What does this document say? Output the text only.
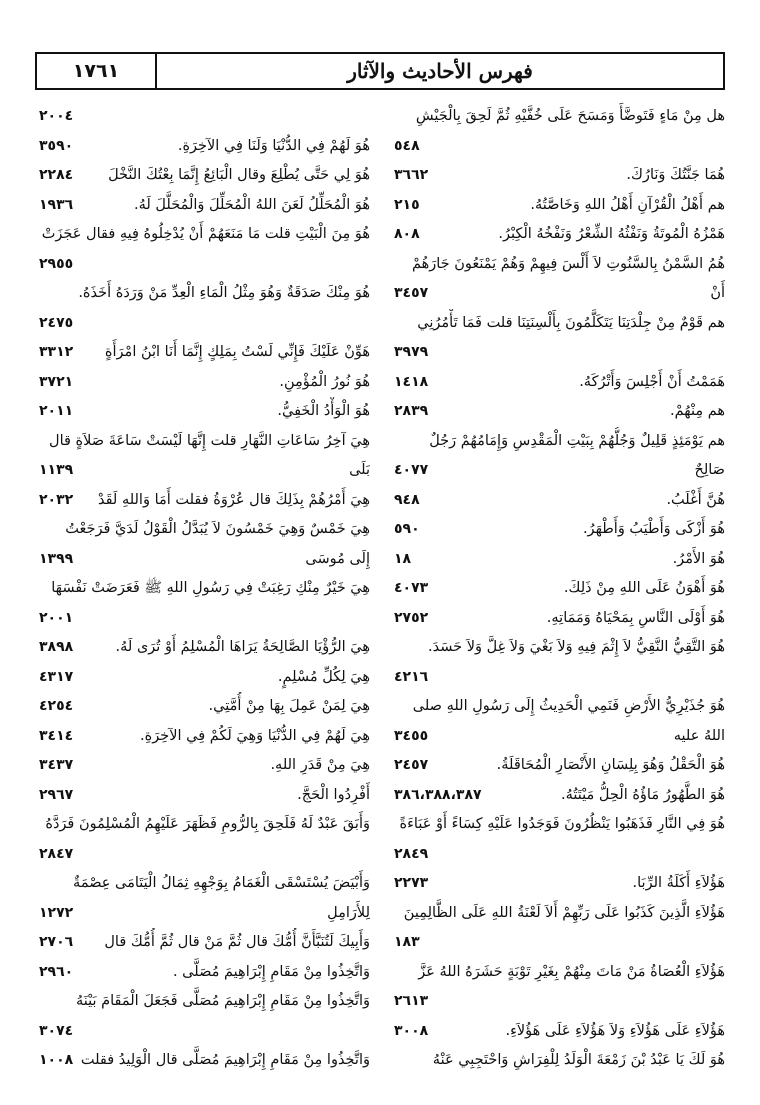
فهرس الأحاديث والآثار
١٧٦١
هل مِنْ مَاءٍ فَتَوضَّأَ وَمَسَحَ عَلَى خُفَّيْهِ ثُمَّ لَحِقَ بِالْجَيْشِ
٥٤٨
هُمَا جَنَّتُكَ وَنَارُكَ.
٣٦٦٢
هم أَهْلُ الْقُرْآنِ أَهْلُ اللهِ وَخَاصَّتُهُ.
٢١٥
هَمْزُهُ الْمُوتَةُ وَنَفْثُهُ الشِّعْرُ وَنَفْخُهُ الْكِبْرُ.
٨٠٨
هُمُ السَّمْنُ بِالسَّنُوتِ لاَ أَلْسَ فِيهِمْ وَهُمْ يَمْنَعُونَ جَارَهُمْ
أَنْ
٣٤٥٧
هم قَوْمٌ مِنْ جِلْدَتِنَا يَتَكَلَّمُونَ بِأَلْسِنَتِنَا قلت فَمَا تَأْمُرُنِي
٣٩٧٩
هَمَمْتُ أَنْ أَجْلِسَ وَأَتْرُكَهُ.
١٤١٨
هم مِنْهُمْ.
٢٨٣٩
هم يَوْمَئِذٍ قَلِيلٌ وَجُلُّهُمْ بِبَيْتِ الْمَقْدِسِ وَإِمَامُهُمْ رَجُلٌ
صَالِحٌ
٤٠٧٧
هُنَّ أَغْلَبُ.
٩٤٨
هُوَ أَزْكَى وَأَطْيَبُ وَأَطْهَرُ.
٥٩٠
هُوَ الأَمْرُ.
١٨
هُوَ أَهْوَنُ عَلَى اللهِ مِنْ ذَلِكَ.
٤٠٧٣
هُوَ أَوْلَى النَّاسِ بِمَحْيَاهُ وَمَمَاتِهِ.
٢٧٥٢
هُوَ التَّقِيُّ النَّقِيُّ لاَ إِثْمَ فِيهِ وَلاَ بَغْيَ وَلاَ غِلَّ وَلاَ حَسَدَ.
٤٢١٦
هُوَ جُذَيْرِيُّ الأَرْضِ فَنَمِي الْحَدِيثُ إِلَى رَسُولِ اللهِ صلى
اللهُ عليه
٣٤٥٥
هُوَ الْحَقْلُ وَهُوَ بِلِسَانِ الأَنْصَارِ الْمُحَاقَلَةُ.
٢٤٥٧
هُوَ الطَّهُورُ مَاؤُهُ الْحِلُّ مَيْتَتُهُ.
٣٨٦،٣٨٨،٣٨٧
هُوَ فِي النَّارِ فَذَهَبُوا يَنْظُرُونَ فَوَجَدُوا عَلَيْهِ كِسَاءً أَوْ عَبَاءَةً
٢٨٤٩
هَؤُلاَءِ أَكَلَةُ الرِّبَا.
٢٢٧٣
هَؤُلاَءِ الَّذِينَ كَذَبُوا عَلَى رَبِّهِمْ أَلاَ لَعْنَةُ اللهِ عَلَى الظَّالِمِينَ
١٨٣
هَؤُلاَءِ الْعُصَاةُ مَنْ مَاتَ مِنْهُمْ بِغَيْرِ تَوْبَةٍ حَشَرَهُ اللهُ عَزَّ
٢٦١٣
هَؤُلاَءِ عَلَى هَؤُلاَءِ وَلاَ هَؤُلاَءِ عَلَى هَؤُلاَءِ.
٣٠٠٨
هُوَ لَكَ يَا عَبْدُ بْنَ زَمْعَةَ الْوَلَدُ لِلْفِرَاشِ وَاحْتَجِبِي عَنْهُ
٢٠٠٤
هُوَ لَهُمْ فِي الدُّنْيَا وَلَنَا فِي الآخِرَةِ.
٣٥٩٠
هُوَ لِي حَتَّى يُطْلِعَ وقال الْبَائِعُ إِنَّمَا بِعْتُكَ النَّخْلَ
٢٢٨٤
هُوَ الْمُحَلِّلُ لَعَنَ اللهُ الْمُحَلِّلَ وَالْمُحَلَّلَ لَهُ.
١٩٣٦
هُوَ مِنَ الْبَيْتِ قلت مَا مَنَعَهُمْ أَنْ يُدْخِلُوهُ فِيهِ فقال عَجَزَتْ
٢٩٥٥
هُوَ مِنْكَ صَدَقَةٌ وَهُوَ مِثْلُ الْمَاءِ الْعِدِّ مَنْ وَرَدَهُ أَخَذَهُ.
٢٤٧٥
هَوِّنْ عَلَيْكَ فَإِنِّي لَسْتُ بِمَلِكٍ إِنَّمَا أَنَا ابْنُ امْرَأَةٍ
٣٣١٢
هُوَ نُورُ الْمُؤْمِنِ.
٣٧٢١
هُوَ الْوَأْدُ الْخَفِيُّ.
٢٠١١
هِيَ آخِرُ سَاعَاتِ النَّهَارِ قلت إِنَّهَا لَيْسَتْ سَاعَةَ صَلاَةٍ قال
بَلَى
١١٣٩
هِيَ أَمْرُهُمْ بِذَلِكَ قال عُرْوَةُ فقلت أَمَا وَاللهِ لَقَدْ
٢٠٣٢
هِيَ خَمْسٌ وَهِيَ خَمْسُونَ لاَ يُبَدَّلُ الْقَوْلُ لَدَيَّ فَرَجَعْتُ
إِلَى مُوسَى
١٣٩٩
هِيَ خَيْرٌ مِنْكِ رَغِبَتْ فِي رَسُولِ اللهِ ﷺ فَعَرَضَتْ نَفْسَهَا
٢٠٠١
هِيَ الرُّؤْيَا الصَّالِحَةُ يَرَاهَا الْمُسْلِمُ أَوْ تُرَى لَهُ.
٣٨٩٨
هِيَ لِكُلِّ مُسْلِمٍ.
٤٣١٧
هِيَ لِمَنْ عَمِلَ بِهَا مِنْ أُمَّتِي.
٤٢٥٤
هِيَ لَهُمْ فِي الدُّنْيَا وَهِيَ لَكُمْ فِي الآخِرَةِ.
٣٤١٤
هِيَ مِنْ قَدَرِ اللهِ.
٣٤٣٧
أَفْرِدُوا الْحَجَّ.
٢٩٦٧
وَأَبَقَ عَبْدٌ لَهُ فَلَحِقَ بِالرُّومِ فَظَهَرَ عَلَيْهِمُ الْمُسْلِمُونَ فَرَدَّهُ
٢٨٤٧
وَأَبْيَضَ يُسْتَسْقَى الْغَمَامُ بِوَجْهِهِ ثِمَالُ الْيَتَامَى عِصْمَةٌ
لِلأَرَامِلِ
١٢٧٢
وَأَبِيكَ لَتُنَبَّأَنَّ أُمُّكَ قال ثُمَّ مَنْ قال ثُمَّ أُمُّكَ قال
٢٧٠٦
وَاتَّخِذُوا مِنْ مَقَامِ إِبْرَاهِيمَ مُصَلًّى .
٢٩٦٠
وَاتَّخِذُوا مِنْ مَقَامِ إِبْرَاهِيمَ مُصَلًّى فَجَعَلَ الْمَقَامَ بَيْنَهُ
٣٠٧٤
وَاتَّخِذُوا مِنْ مَقَامِ إِبْرَاهِيمَ مُصَلًّى قال الْوَلِيدُ فقلت
١٠٠٨
